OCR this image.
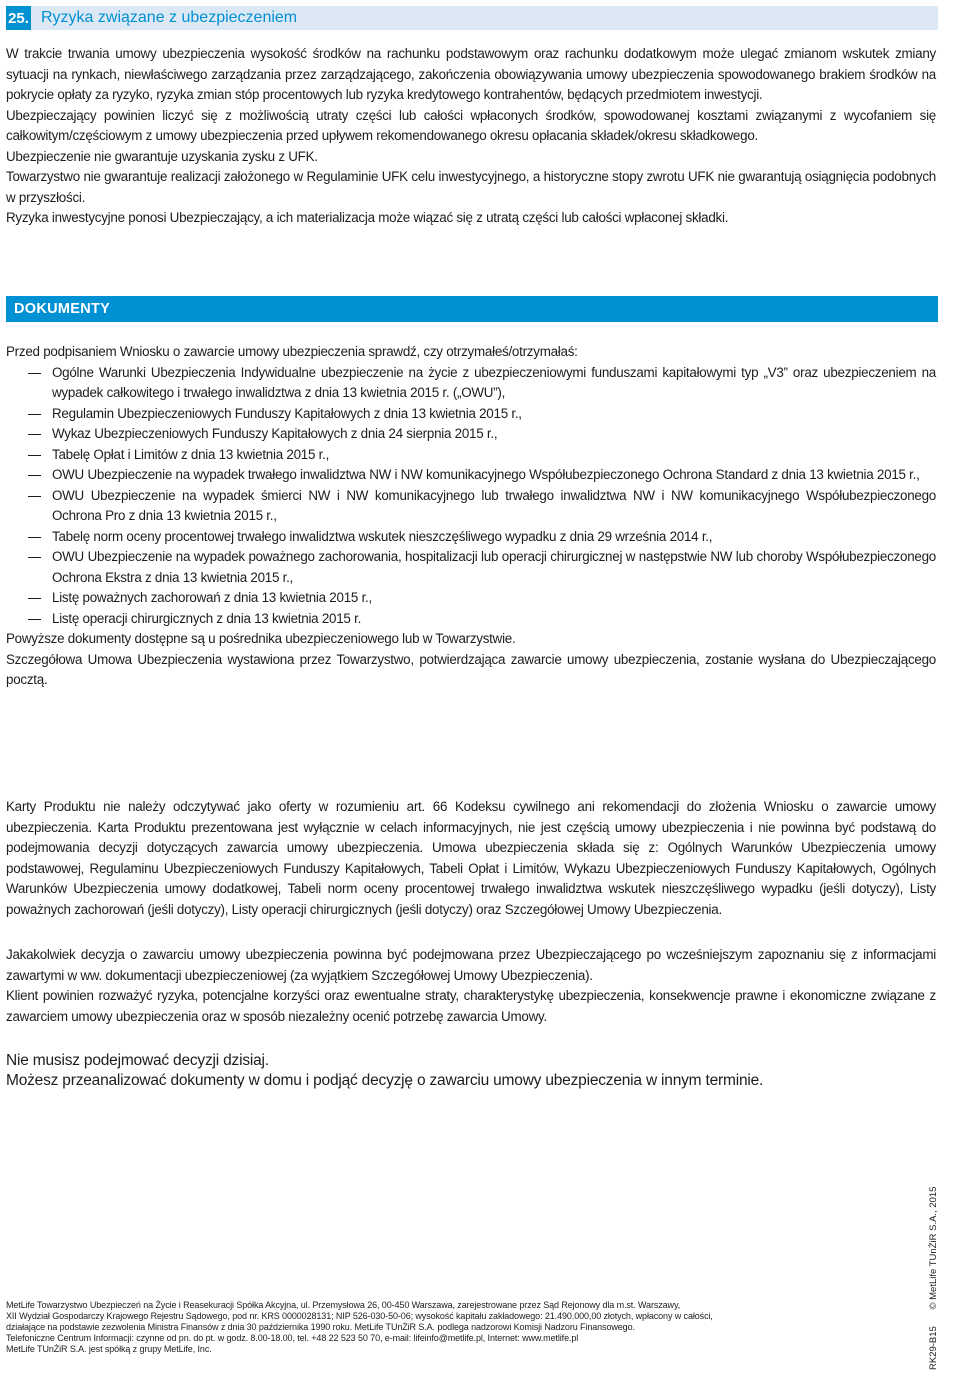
25. Ryzyka związane z ubezpieczeniem

W trakcie trwania umowy ubezpieczenia wysokość środków na rachunku podstawowym oraz rachunku dodatkowym może ulegać zmianom wskutek zmiany sytuacji na rynkach, niewłaściwego zarządzania przez zarządzającego, zakończenia obowiązywania umowy ubezpieczenia spowodowanego brakiem środków na pokrycie opłaty za ryzyko, ryzyka zmian stóp procentowych lub ryzyka kredytowego kontrahentów, będących przedmiotem inwestycji.

Ubezpieczający powinien liczyć się z możliwością utraty części lub całości wpłaconych środków, spowodowanej kosztami związanymi z wycofaniem się całkowitym/częściowym z umowy ubezpieczenia przed upływem rekomendowanego okresu opłacania składek/okresu składkowego.

Ubezpieczenie nie gwarantuje uzyskania zysku z UFK.

Towarzystwo nie gwarantuje realizacji założonego w Regulaminie UFK celu inwestycyjnego, a historyczne stopy zwrotu UFK nie gwarantują osiągnięcia podobnych w przyszłości.

Ryzyka inwestycyjne ponosi Ubezpieczający, a ich materializacja może wiązać się z utratą części lub całości wpłaconej składki.

DOKUMENTY

Przed podpisaniem Wniosku o zawarcie umowy ubezpieczenia sprawdź, czy otrzymałeś/otrzymałaś:

Ogólne Warunki Ubezpieczenia Indywidualne ubezpieczenie na życie z ubezpieczeniowymi funduszami kapitałowymi typ „V3” oraz ubezpieczeniem na wypadek całkowitego i trwałego inwalidztwa z dnia 13 kwietnia 2015 r. („OWU”),
Regulamin Ubezpieczeniowych Funduszy Kapitałowych z dnia 13 kwietnia 2015 r.,
Wykaz Ubezpieczeniowych Funduszy Kapitałowych z dnia 24 sierpnia 2015 r.,
Tabelę Opłat i Limitów z dnia 13 kwietnia 2015 r.,
OWU Ubezpieczenie na wypadek trwałego inwalidztwa NW i NW komunikacyjnego Współubezpieczonego Ochrona Standard z dnia 13 kwietnia 2015 r.,
OWU Ubezpieczenie na wypadek śmierci NW i NW komunikacyjnego lub trwałego inwalidztwa NW i NW komunikacyjnego Współubezpieczonego Ochrona Pro z dnia 13 kwietnia 2015 r.,
Tabelę norm oceny procentowej trwałego inwalidztwa wskutek nieszczęśliwego wypadku z dnia 29 września 2014 r.,
OWU Ubezpieczenie na wypadek poważnego zachorowania, hospitalizacji lub operacji chirurgicznej w następstwie NW lub choroby Współubezpieczonego Ochrona Ekstra z dnia 13 kwietnia 2015 r.,
Listę poważnych zachorowań z dnia 13 kwietnia 2015 r.,
Listę operacji chirurgicznych z dnia 13 kwietnia 2015 r.

Powyższe dokumenty dostępne są u pośrednika ubezpieczeniowego lub w Towarzystwie.

Szczegółowa Umowa Ubezpieczenia wystawiona przez Towarzystwo, potwierdzająca zawarcie umowy ubezpieczenia, zostanie wysłana do Ubezpieczającego pocztą.

Karty Produktu nie należy odczytywać jako oferty w rozumieniu art. 66 Kodeksu cywilnego ani rekomendacji do złożenia Wniosku o zawarcie umowy ubezpieczenia. Karta Produktu prezentowana jest wyłącznie w celach informacyjnych, nie jest częścią umowy ubezpieczenia i nie powinna być podstawą do podejmowania decyzji dotyczących zawarcia umowy ubezpieczenia. Umowa ubezpieczenia składa się z: Ogólnych Warunków Ubezpieczenia umowy podstawowej, Regulaminu Ubezpieczeniowych Funduszy Kapitałowych, Tabeli Opłat i Limitów, Wykazu Ubezpieczeniowych Funduszy Kapitałowych, Ogólnych Warunków Ubezpieczenia umowy dodatkowej, Tabeli norm oceny procentowej trwałego inwalidztwa wskutek nieszczęśliwego wypadku (jeśli dotyczy), Listy poważnych zachorowań (jeśli dotyczy), Listy operacji chirurgicznych (jeśli dotyczy) oraz Szczegółowej Umowy Ubezpieczenia.

Jakakolwiek decyzja o zawarciu umowy ubezpieczenia powinna być podejmowana przez Ubezpieczającego po wcześniejszym zapoznaniu się z informacjami zawartymi w ww. dokumentacji ubezpieczeniowej (za wyjątkiem Szczegółowej Umowy Ubezpieczenia).

Klient powinien rozważyć ryzyka, potencjalne korzyści oraz ewentualne straty, charakterystykę ubezpieczenia, konsekwencje prawne i ekonomiczne związane z zawarciem umowy ubezpieczenia oraz w sposób niezależny ocenić potrzebę zawarcia Umowy.

Nie musisz podejmować decyzji dzisiaj.

Możesz przeanalizować dokumenty w domu i podjąć decyzję o zawarciu umowy ubezpieczenia w innym terminie.

MetLife Towarzystwo Ubezpieczeń na Życie i Reasekuracji Spółka Akcyjna, ul. Przemysłowa 26, 00-450 Warszawa, zarejestrowane przez Sąd Rejonowy dla m.st. Warszawy,
XII Wydział Gospodarczy Krajowego Rejestru Sądowego, pod nr. KRS 0000028131; NIP 526-030-50-06; wysokość kapitału zakładowego: 21.490.000,00 złotych, wpłacony w całości,
działające na podstawie zezwolenia Ministra Finansów z dnia 30 października 1990 roku. MetLife TUnŻiR S.A. podlega nadzorowi Komisji Nadzoru Finansowego.
Telefoniczne Centrum Informacji: czynne od pn. do pt. w godz. 8.00-18.00, tel. +48 22 523 50 70, e-mail: lifeinfo@metlife.pl, Internet: www.metlife.pl
MetLife TUnŻiR S.A. jest spółką z grupy MetLife, Inc.	RK29-B15 © MetLife TUnŻiR S.A., 2015
